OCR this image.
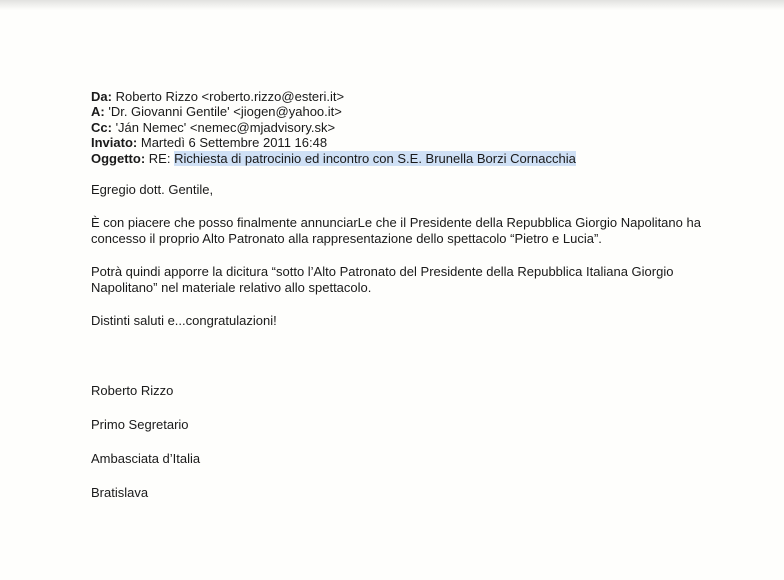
Da: Roberto Rizzo <roberto.rizzo@esteri.it>
A: 'Dr. Giovanni Gentile' <jiogen@yahoo.it>
Cc: 'Ján Nemec' <nemec@mjadvisory.sk>
Inviato: Martedì 6 Settembre 2011 16:48
Oggetto: RE: Richiesta di patrocinio ed incontro con S.E. Brunella Borzi Cornacchia

Egregio dott. Gentile,

È con piacere che posso finalmente annunciarLe che il Presidente della Repubblica Giorgio Napolitano ha concesso il proprio Alto Patronato alla rappresentazione dello spettacolo “Pietro e Lucia”.

Potrà quindi apporre la dicitura “sotto l’Alto Patronato del Presidente della Repubblica Italiana Giorgio Napolitano” nel materiale relativo allo spettacolo.

Distinti saluti e...congratulazioni!

Roberto Rizzo
Primo Segretario
Ambasciata d’Italia
Bratislava
